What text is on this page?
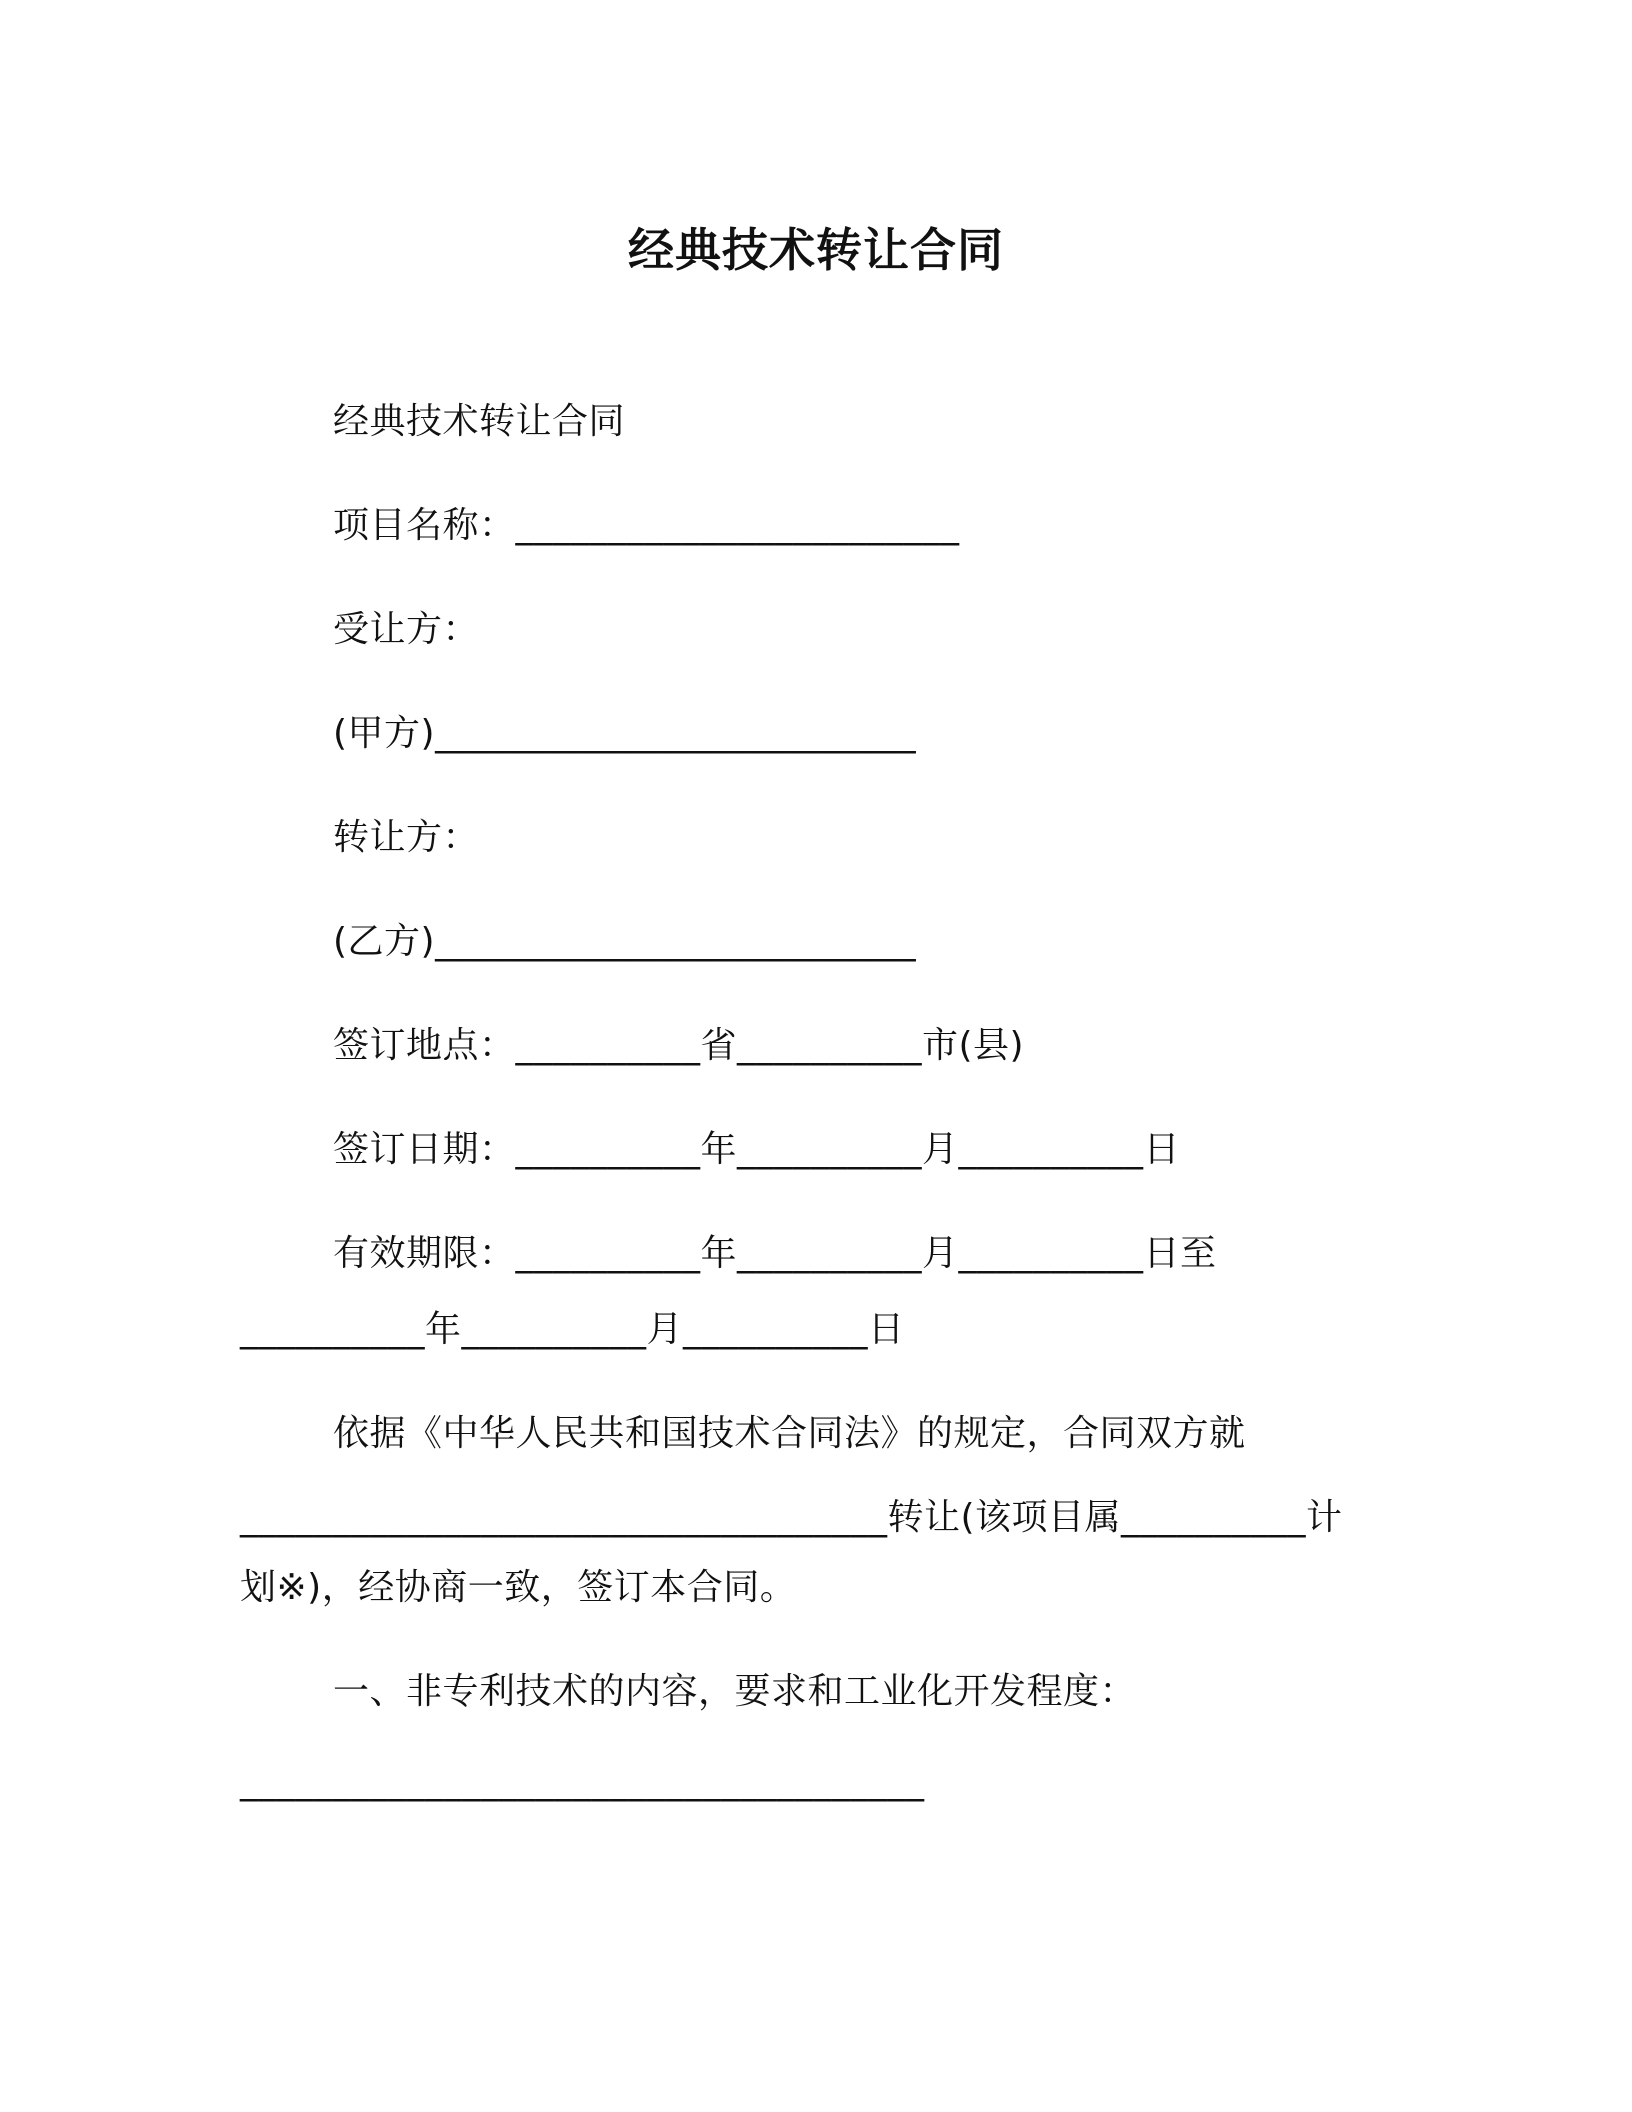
经典技术转让合同
经典技术转让合同
项目名称：________________________
受让方：
(甲方)__________________________
转让方：
(乙方)__________________________
签订地点：__________省__________市(县)
签订日期：__________年__________月__________日
有效期限：__________年__________月__________日至
__________年__________月__________日
依据《中华人民共和国技术合同法》的规定，合同双方就
___________________________________转让(该项目属__________计
划※)，经协商一致，签订本合同。
一、非专利技术的内容，要求和工业化开发程度：
_____________________________________
